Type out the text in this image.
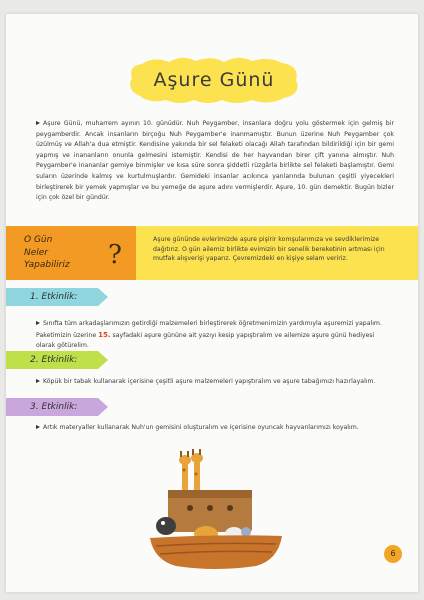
Aşure Günü
Aşure Günü, muharrem ayının 10. günüdür. Nuh Peygamber, insanlara doğru yolu göstermek için gelmiş bir peygamberdir. Ancak insanların birçoğu Nuh Peygamber'e inanmamıştır. Bunun üzerine Nuh Peygamber çok üzülmüş ve Allah'a dua etmiştir. Kendisine yakında bir sel felaketi olacağı Allah tarafından bildirildiği için bir gemi yapmış ve inananların onunla gelmesini istemiştir. Kendisi de her hayvandan birer çift yanına almıştır. Nuh Peygamber'e inananlar gemiye binmişler ve kısa süre sonra şiddetli rüzgârla birlikte sel felaketi başlamıştır. Gemi suların üzerinde kalmış ve kurtulmuşlardır. Gemideki insanlar acıkınca yanlarında bulunan çeşitli yiyecekleri birleştirerek bir yemek yapmışlar ve bu yemeğe de aşure adını vermişlerdir. Aşure, 10. gün demektir. Bugün bizler için çok özel bir gündür.
O Gün
Neler
Yapabiliriz	?
Aşure gününde evlerimizde aşure pişirir komşularımıza ve sevdiklerimize dağıtırız. O gün ailemiz birlikte evimizin bir senelik bereketinin artması için mutfak alışverişi yaparız. Çevremizdeki en kişiye selam veririz.
1. Etkinlik:
Sınıfta tüm arkadaşlarımızın getirdiği malzemeleri birleştirerek öğretmenimizin yardımıyla aşuremizi yapalım. Paketimizin üzerine 15. sayfadaki aşure gününe ait yazıyı kesip yapıştıralım ve ailemize aşure günü hediyesi olarak götürelim.
2. Etkinlik:
Köpük bir tabak kullanarak içerisine çeşitli aşure malzemeleri yapıştıralım ve aşure tabağımızı hazırlayalım.
3. Etkinlik:
Artık materyaller kullanarak Nuh'un gemisini oluşturalım ve içerisine oyuncak hayvanlarımızı koyalım.
6
